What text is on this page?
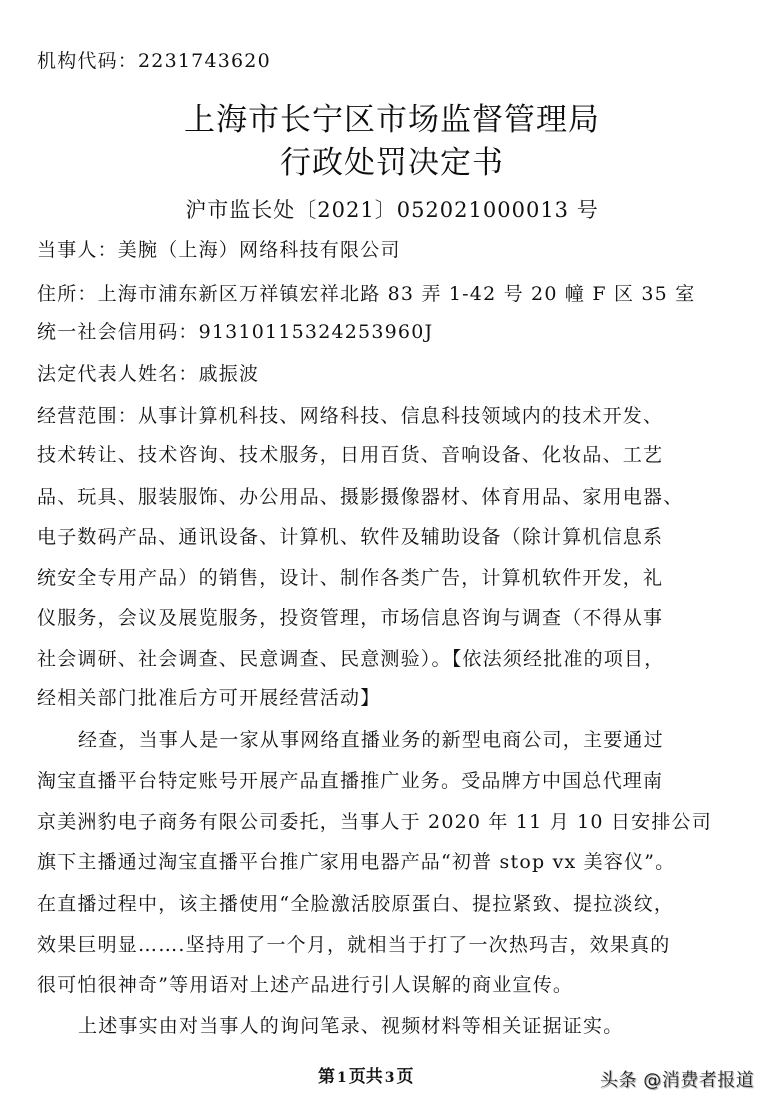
机构代码：2231743620
上海市长宁区市场监督管理局
行政处罚决定书
沪市监长处〔2021〕052021000013 号
当事人：美腕（上海）网络科技有限公司
住所：上海市浦东新区万祥镇宏祥北路 83 弄 1-42 号 20 幢 F 区 35 室
统一社会信用码：91310115324253960J
法定代表人姓名：戚振波
经营范围：从事计算机科技、网络科技、信息科技领域内的技术开发、
技术转让、技术咨询、技术服务，日用百货、音响设备、化妆品、工艺
品、玩具、服装服饰、办公用品、摄影摄像器材、体育用品、家用电器、
电子数码产品、通讯设备、计算机、软件及辅助设备（除计算机信息系
统安全专用产品）的销售，设计、制作各类广告，计算机软件开发，礼
仪服务，会议及展览服务，投资管理，市场信息咨询与调查（不得从事
社会调研、社会调查、民意调查、民意测验）。【依法须经批准的项目，
经相关部门批准后方可开展经营活动】
经查，当事人是一家从事网络直播业务的新型电商公司，主要通过
淘宝直播平台特定账号开展产品直播推广业务。受品牌方中国总代理南
京美洲豹电子商务有限公司委托，当事人于 2020 年 11 月 10 日安排公司
旗下主播通过淘宝直播平台推广家用电器产品“初普 stop vx 美容仪”。
在直播过程中，该主播使用“全脸激活胶原蛋白、提拉紧致、提拉淡纹，
效果巨明显…….坚持用了一个月，就相当于打了一次热玛吉，效果真的
很可怕很神奇”等用语对上述产品进行引人误解的商业宣传。
上述事实由对当事人的询问笔录、视频材料等相关证据证实。
第 1 页共 3 页	头条 @消费者报道
